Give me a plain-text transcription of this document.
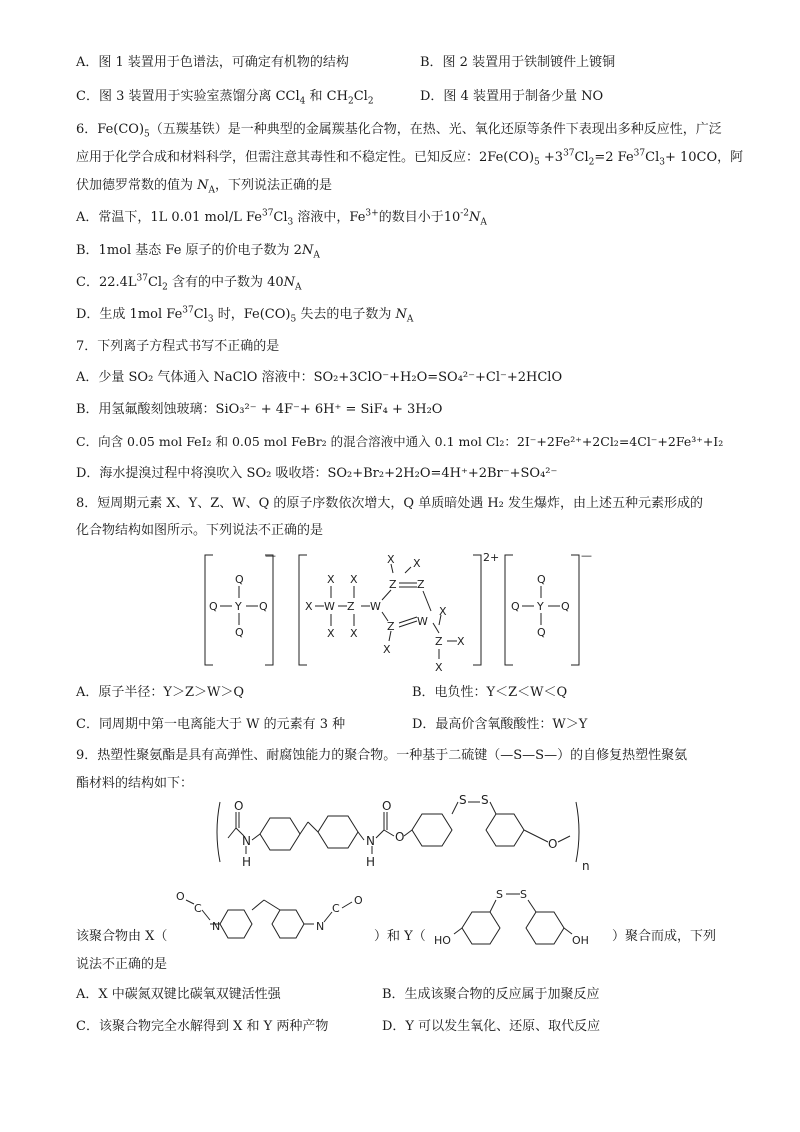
A．图 1 装置用于色谱法，可确定有机物的结构	B．图 2 装置用于铁制镀件上镀铜
C．图 3 装置用于实验室蒸馏分离 CCl$_4$ 和 $CH_2Cl_2$	D．图 4 装置用于制备少量 NO
6．$Fe(CO)_5$（五羰基铁）是一种典型的金属羰基化合物，在热、光、氧化还原等条件下表现出多种反应性，广泛
应用于化学合成和材料科学，但需注意其毒性和不稳定性。已知反应：$2Fe(CO)_5 +3^{37}Cl_2=2$ $Fe^{37}Cl_3+ 10CO$，阿
伏加德罗常数的值为 $N_A$，下列说法正确的是
A．常温下，1L 0.01 mol/L $Fe^{37}Cl_3$ 溶液中，$Fe^{3+}$的数目小于$10^{-2}N_A$
B．1mol 基态 Fe 原子的价电子数为 $2N_A$
C．$22.4L^{37}Cl_2$ 含有的中子数为 $40N_A$
D．生成 1mol $Fe^{37}Cl_3$ 时，$Fe(CO)_5$ 失去的电子数为 $N_A$
7．下列离子方程式书写不正确的是
A．少量 SO₂ 气体通入 NaClO 溶液中：SO₂+3ClO⁻+H₂O=SO₄²⁻+Cl⁻+2HClO
B．用氢氟酸刻蚀玻璃：SiO₃²⁻ + 4F⁻+ 6H⁺ = SiF₄ + 3H₂O
C．向含 0.05 mol FeI₂ 和 0.05 mol FeBr₂ 的混合溶液中通入 0.1 mol Cl₂：2I⁻+2Fe²⁺+2Cl₂=4Cl⁻+2Fe³⁺+I₂
D．海水提溴过程中将溴吹入 SO₂ 吸收塔：SO₂+Br₂+2H₂O=4H⁺+2Br⁻+SO₄²⁻
8．短周期元素 X、Y、Z、W、Q 的原子序数依次增大，Q 单质暗处遇 H₂ 发生爆炸，由上述五种元素形成的
化合物结构如图所示。下列说法不正确的是
—	2+	—
Q
Q Y Q
Q
Q
Q Y Q
Q
X W Z W
X
X
X
X
X
Z Z
X
Z W
X
X
Z X
X
A．原子半径：Y＞Z＞W＞Q	B．电负性：Y＜Z＜W＜Q
C．同周期中第一电离能大于 W 的元素有 3 种	D．最高价含氧酸酸性：W＞Y
9．热塑性聚氨酯是具有高弹性、耐腐蚀能力的聚合物。一种基于二硫键（—S—S—）的自修复热塑性聚氨
酯材料的结构如下：
O
N
H
N
H
O
O
S S
O
n
该聚合物由 X（
O
C
N	N
C
O
）和 Y（ HO
S S
OH ）聚合而成，下列
说法不正确的是
A．X 中碳氮双键比碳氧双键活性强	B．生成该聚合物的反应属于加聚反应
C．该聚合物完全水解得到 X 和 Y 两种产物	D．Y 可以发生氧化、还原、取代反应
